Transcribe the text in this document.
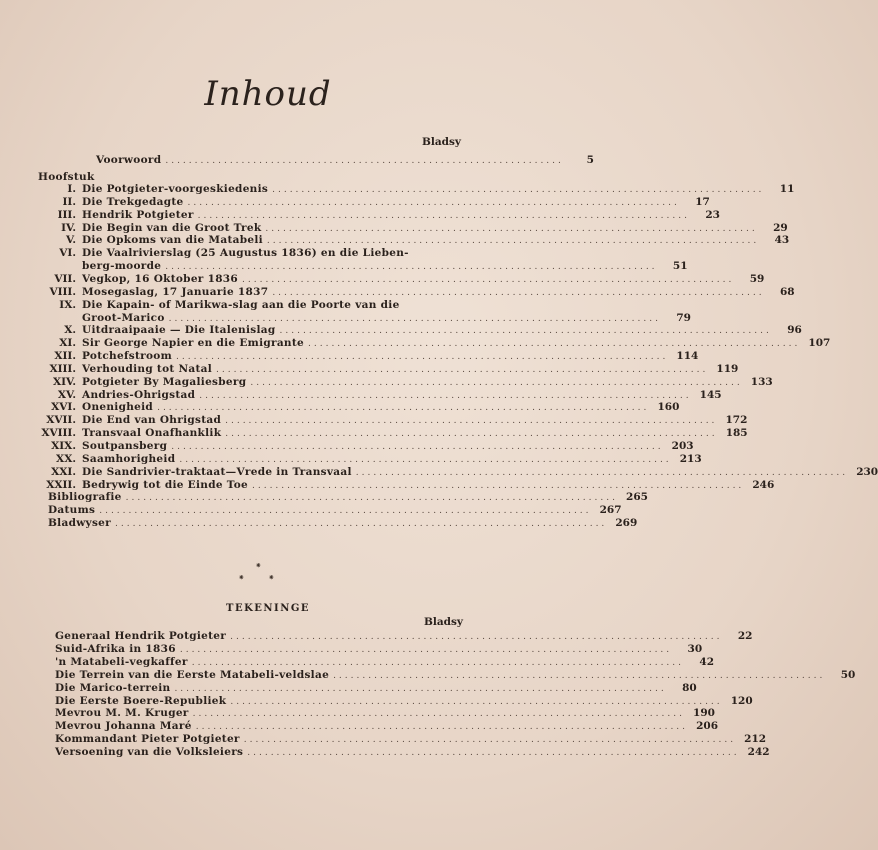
Inhoud
Bladsy
Voorwoord ....................................................................	5
Hoofstuk
I. Die Potgieter-voorgeskiedenis ....................................................................................	11
II. Die Trekgedagte ....................................................................................	17
III. Hendrik Potgieter ....................................................................................	23
IV. Die Begin van die Groot Trek ....................................................................................	29
V. Die Opkoms van die Matabeli ....................................................................................	43
VI. Die Vaalrivierslag (25 Augustus 1836) en die Lieben-
berg-moorde ....................................................................................	51
VII. Vegkop, 16 Oktober 1836 ....................................................................................	59
VIII. Mosegaslag, 17 Januarie 1837 ....................................................................................	68
IX. Die Kapain- of Marikwa-slag aan die Poorte van die
Groot-Marico ....................................................................................	79
X. Uitdraaipaaie — Die Italenislag ....................................................................................	96
XI. Sir George Napier en die Emigrante .................................................................................... 107
XII. Potchefstroom .................................................................................... 114
XIII. Verhouding tot Natal .................................................................................... 119
XIV. Potgieter By Magaliesberg .................................................................................... 133
XV. Andries-Ohrigstad .................................................................................... 145
XVI. Onenigheid .................................................................................... 160
XVII. Die End van Ohrigstad .................................................................................... 172
XVIII. Transvaal Onafhanklik .................................................................................... 185
XIX. Soutpansberg .................................................................................... 203
XX. Saamhorigheid .................................................................................... 213
XXI. Die Sandrivier-traktaat—Vrede in Transvaal .................................................................................... 230
XXII. Bedrywig tot die Einde Toe .................................................................................... 246
Bibliografie .................................................................................... 265
Datums .................................................................................... 267
Bladwyser .................................................................................... 269
⁕
⁕	⁕
TEKENINGE
Bladsy
Generaal Hendrik Potgieter ....................................................................................	22
Suid-Afrika in 1836 ....................................................................................	30
'n Matabeli-vegkaffer ....................................................................................	42
Die Terrein van die Eerste Matabeli-veldslae ....................................................................................	50
Die Marico-terrein ....................................................................................	80
Die Eerste Boere-Republiek .................................................................................... 120
Mevrou M. M. Kruger .................................................................................... 190
Mevrou Johanna Maré .................................................................................... 206
Kommandant Pieter Potgieter .................................................................................... 212
Versoening van die Volksleiers .................................................................................... 242
